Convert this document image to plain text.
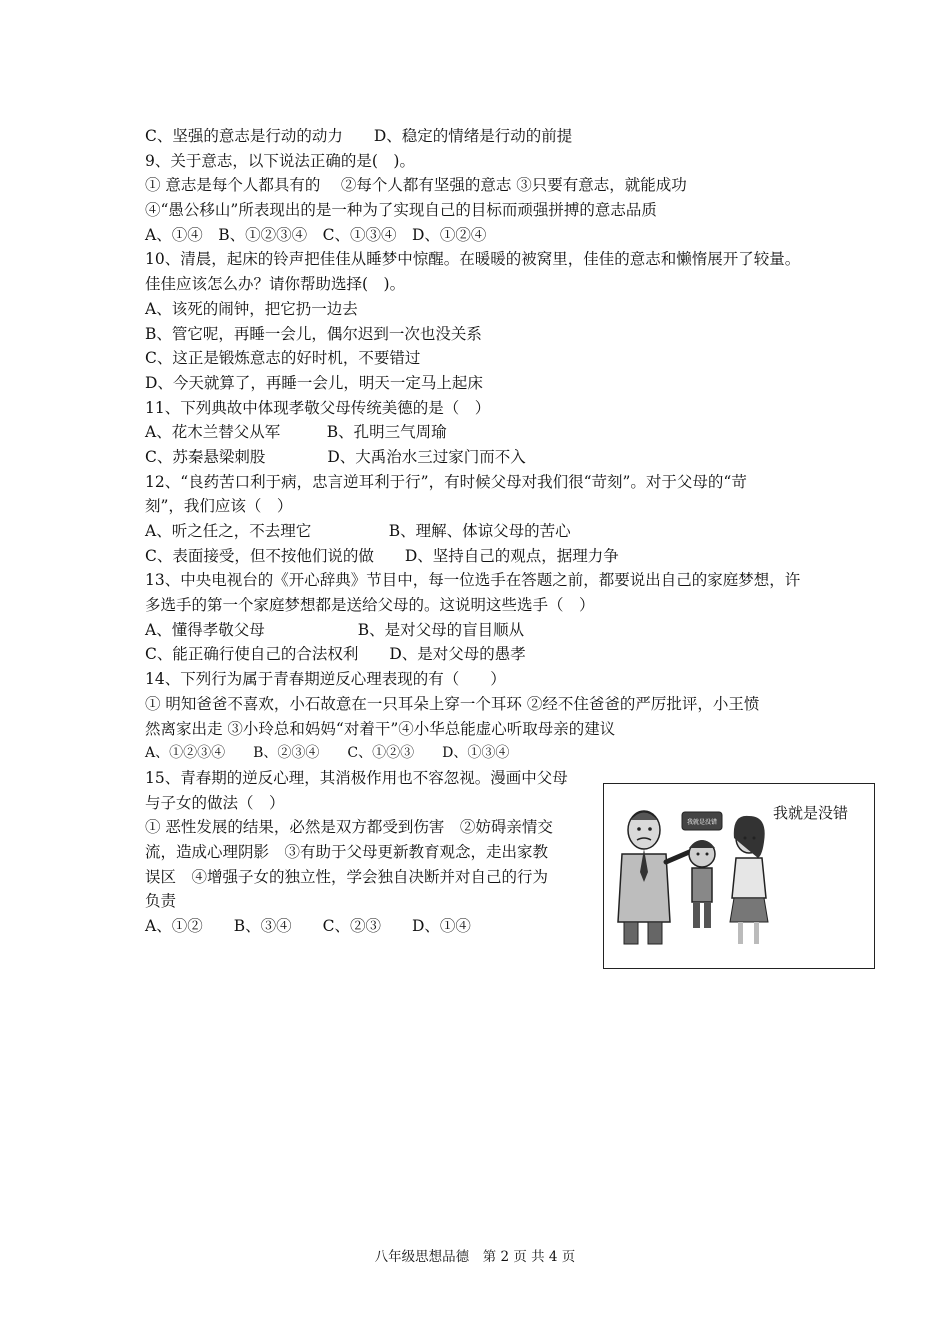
C、坚强的意志是行动的动力　　D、稳定的情绪是行动的前提
9、关于意志，以下说法正确的是(　)。
① 意志是每个人都具有的　 ②每个人都有坚强的意志 ③只要有意志，就能成功
④“愚公移山”所表现出的是一种为了实现自己的目标而顽强拼搏的意志品质
A、①④　B、①②③④　C、①③④　D、①②④
10、清晨，起床的铃声把佳佳从睡梦中惊醒。在暖暖的被窝里，佳佳的意志和懒惰展开了较量。
佳佳应该怎么办？请你帮助选择(　)。
A、该死的闹钟，把它扔一边去
B、管它呢，再睡一会儿，偶尔迟到一次也没关系
C、这正是锻炼意志的好时机，不要错过
D、今天就算了，再睡一会儿，明天一定马上起床
11、下列典故中体现孝敬父母传统美德的是（　）
A、花木兰替父从军　　　B、孔明三气周瑜
C、苏秦悬梁刺股　　　　D、大禹治水三过家门而不入
12、“良药苦口利于病，忠言逆耳利于行”，有时候父母对我们很“苛刻”。对于父母的“苛
刻”，我们应该（　）
A、听之任之，不去理它　　　　　B、理解、体谅父母的苦心
C、表面接受，但不按他们说的做　　D、坚持自己的观点，据理力争
13、中央电视台的《开心辞典》节目中，每一位选手在答题之前，都要说出自己的家庭梦想，许
多选手的第一个家庭梦想都是送给父母的。这说明这些选手（　）
A、懂得孝敬父母　　　　　　B、是对父母的盲目顺从
C、能正确行使自己的合法权利　　D、是对父母的愚孝
14、下列行为属于青春期逆反心理表现的有（　　）
① 明知爸爸不喜欢，小石故意在一只耳朵上穿一个耳环 ②经不住爸爸的严厉批评，小王愤
然离家出走 ③小玲总和妈妈“对着干”④小华总能虚心听取母亲的建议
A、①②③④　　B、②③④　　C、①②③　　D、①③④
15、青春期的逆反心理，其消极作用也不容忽视。漫画中父母
与子女的做法（　）
① 恶性发展的结果，必然是双方都受到伤害　②妨碍亲情交
流，造成心理阴影　③有助于父母更新教育观念，走出家教
误区　④增强子女的独立性，学会独自决断并对自己的行为
负责
A、①②　　B、③④　　C、②③　　D、①④
我就是没错
我就是没错
八年级思想品德　第 2 页 共 4 页
